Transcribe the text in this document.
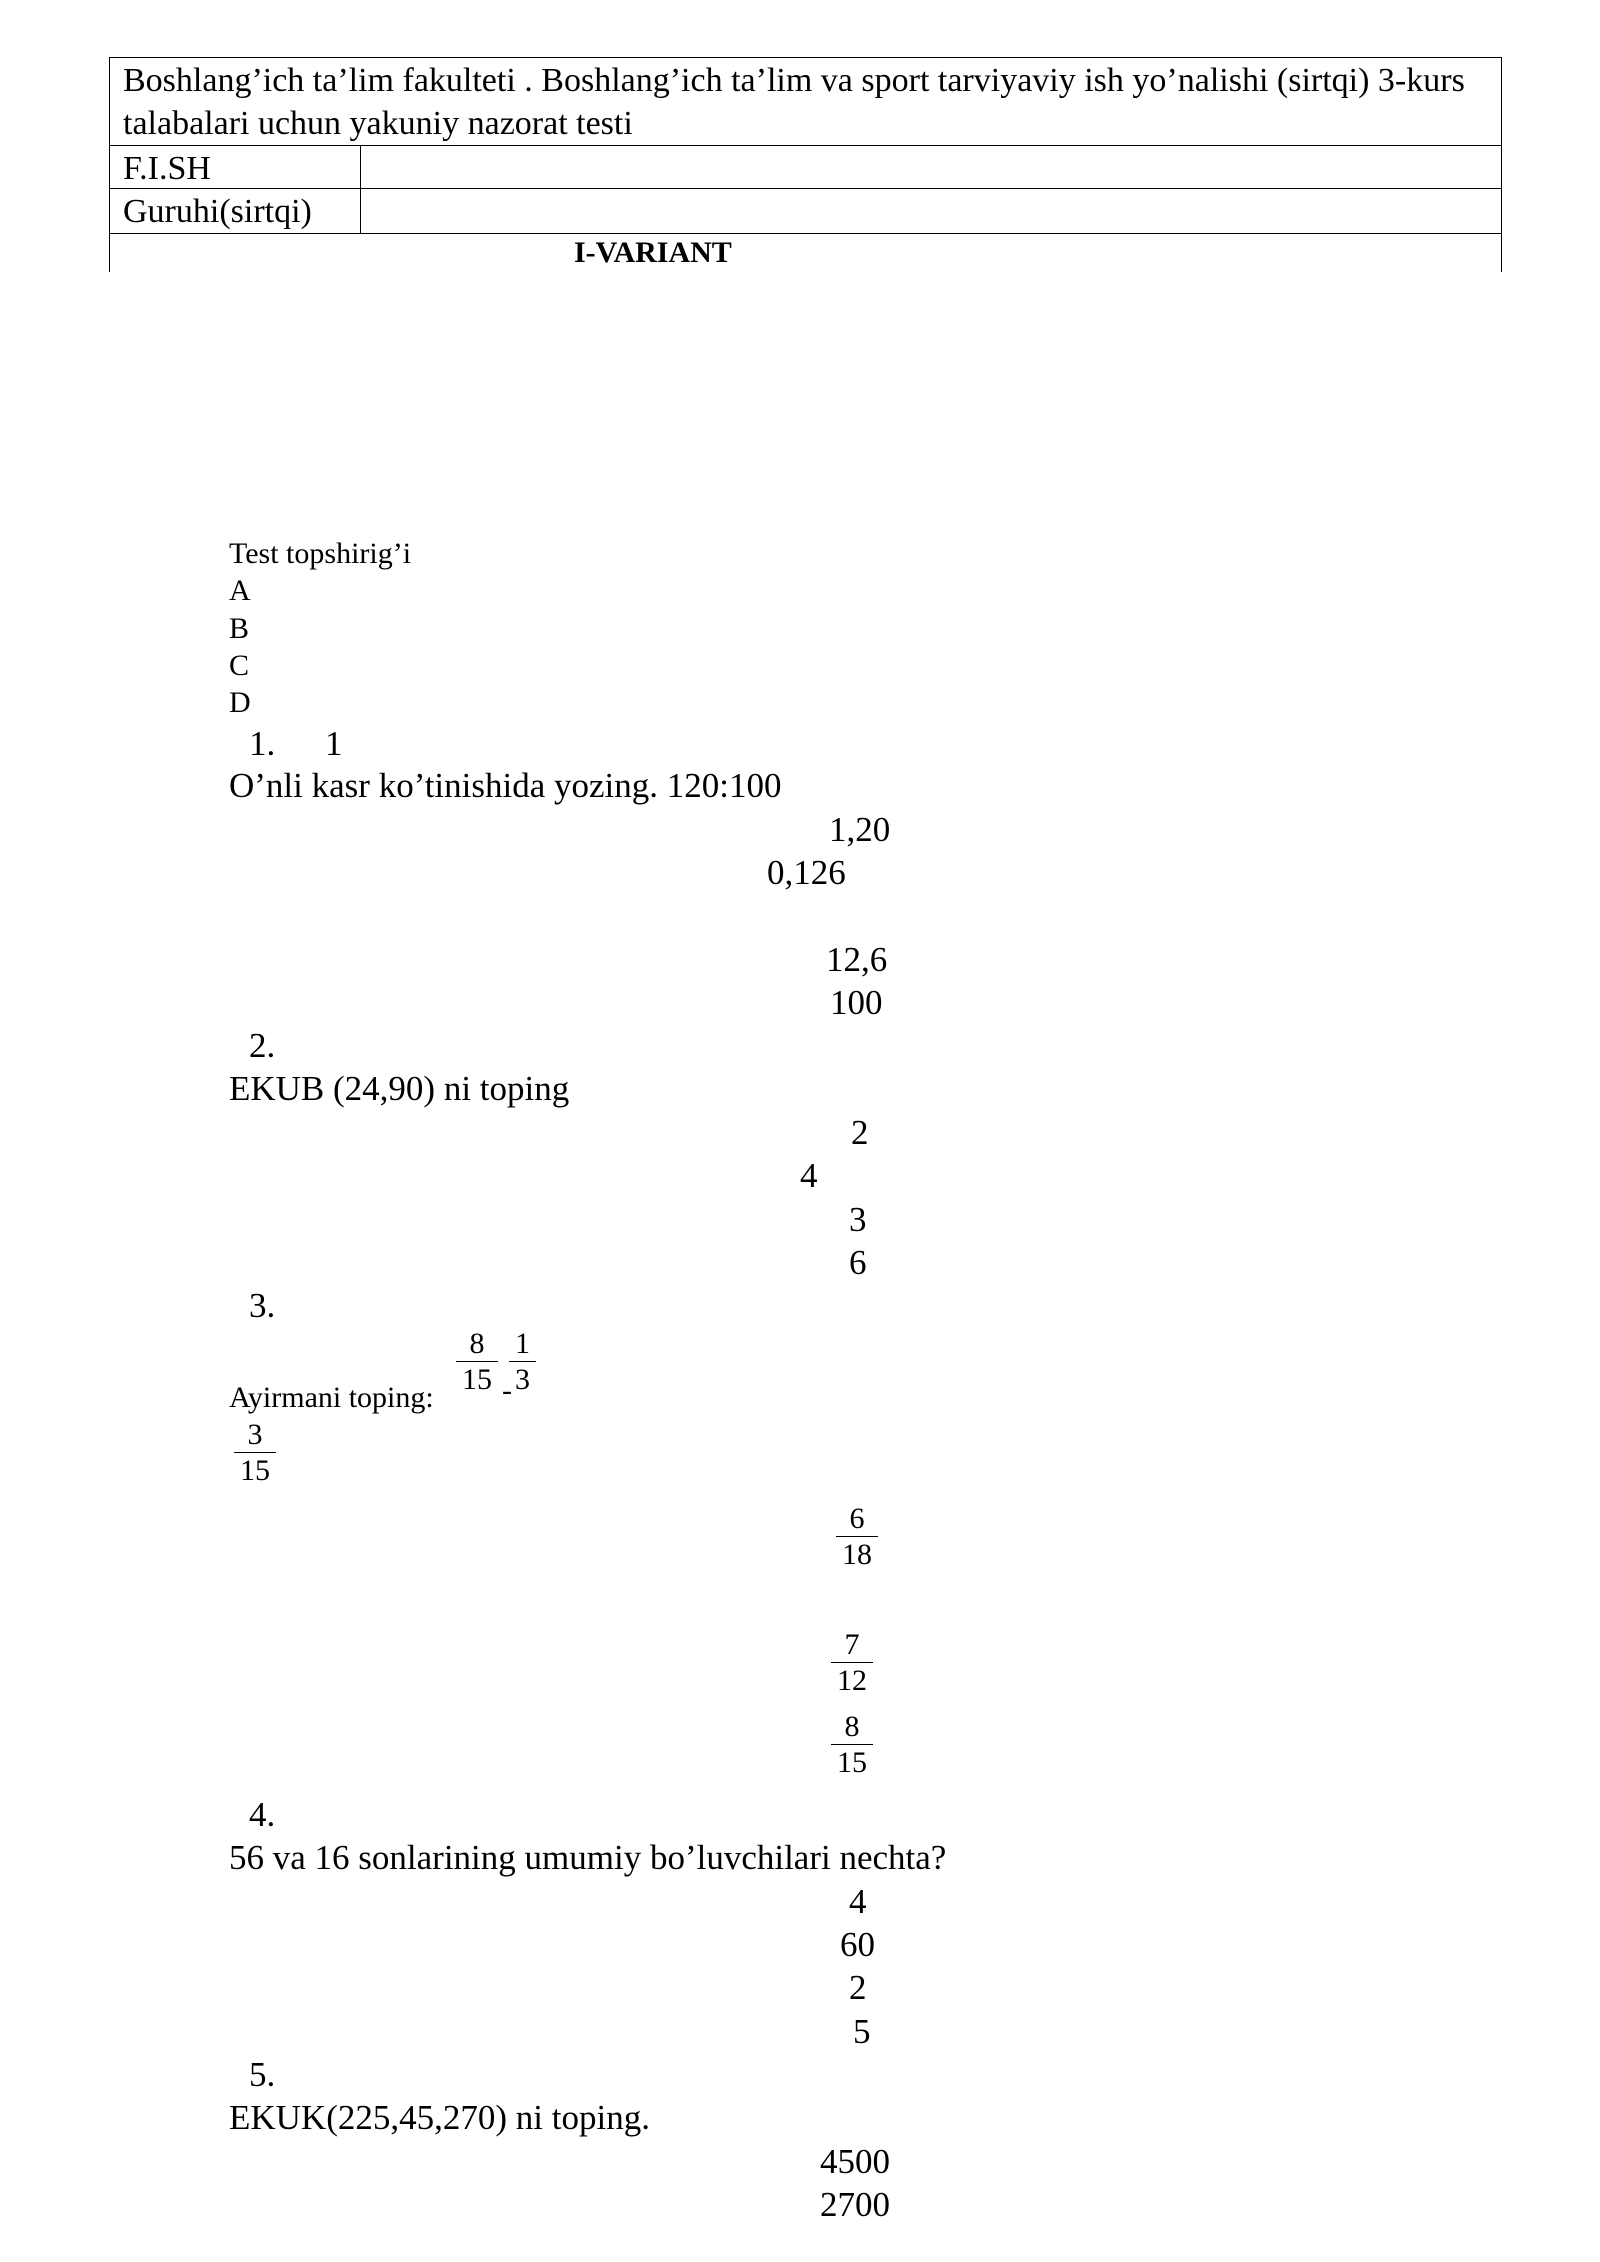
Boshlang’ich ta’lim fakulteti . Boshlang’ich ta’lim va sport tarviyaviy ish yo’nalishi (sirtqi) 3-kurs talabalari uchun yakuniy nazorat testi
F.I.SH
Guruhi(sirtqi)
I-VARIANT
Test topshirig’i
A
B
C
D
1. 1
O’nli kasr ko’tinishida yozing. 120:100
1,20
0,126
12,6
100
2.
EKUB (24,90) ni toping
2
4
3
6
3.
Ayirmani toping:
8
15 -
1
3
3
15
6
18
7
12
8
15
4.
56 va 16 sonlarining umumiy bo’luvchilari nechta?
4
60
2
5
5.
EKUK(225,45,270) ni toping.
4500
2700
